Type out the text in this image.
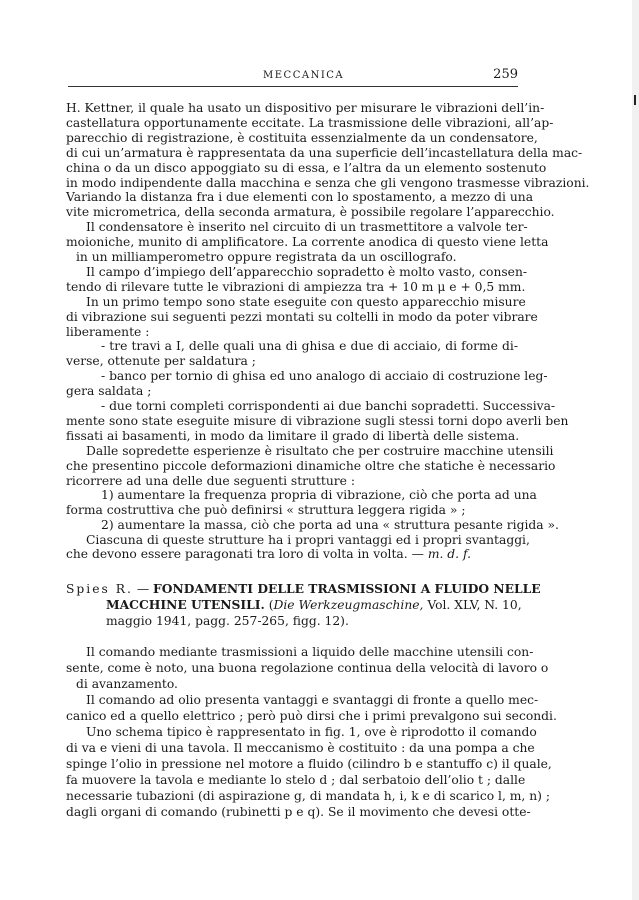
MECCANICA	259
H. Kettner, il quale ha usato un dispositivo per misurare le vibrazioni dell’in-
castellatura opportunamente eccitate. La trasmissione delle vibrazioni, all’ap-
parecchio di registrazione, è costituita essenzialmente da un condensatore,
di cui un’armatura è rappresentata da una superficie dell’incastellatura della mac-
china o da un disco appoggiato su di essa, e l’altra da un elemento sostenuto
in modo indipendente dalla macchina e senza che gli vengono trasmesse vibrazioni.
Variando la distanza fra i due elementi con lo spostamento, a mezzo di una
vite micrometrica, della seconda armatura, è possibile regolare l’apparecchio.
Il condensatore è inserito nel circuito di un trasmettitore a valvole ter-
moioniche, munito di amplificatore. La corrente anodica di questo viene letta
in un milliamperometro oppure registrata da un oscillografo.
Il campo d’impiego dell’apparecchio sopradetto è molto vasto, consen-
tendo di rilevare tutte le vibrazioni di ampiezza tra + 10 m μ e + 0,5 mm.
In un primo tempo sono state eseguite con questo apparecchio misure
di vibrazione sui seguenti pezzi montati su coltelli in modo da poter vibrare
liberamente :
- tre travi a I, delle quali una di ghisa e due di acciaio, di forme di-
verse, ottenute per saldatura ;
- banco per tornio di ghisa ed uno analogo di acciaio di costruzione leg-
gera saldata ;
- due torni completi corrispondenti ai due banchi sopradetti. Successiva-
mente sono state eseguite misure di vibrazione sugli stessi torni dopo averli ben
fissati ai basamenti, in modo da limitare il grado di libertà delle sistema.
Dalle sopredette esperienze è risultato che per costruire macchine utensili
che presentino piccole deformazioni dinamiche oltre che statiche è necessario
ricorrere ad una delle due seguenti strutture :
1) aumentare la frequenza propria di vibrazione, ciò che porta ad una
forma costruttiva che può definirsi « struttura leggera rigida » ;
2) aumentare la massa, ciò che porta ad una « struttura pesante rigida ».
Ciascuna di queste strutture ha i propri vantaggi ed i propri svantaggi,
che devono essere paragonati tra loro di volta in volta. — m. d. f.
Spies R. — FONDAMENTI DELLE TRASMISSIONI A FLUIDO NELLE
MACCHINE UTENSILI. (Die Werkzeugmaschine, Vol. XLV, N. 10,
maggio 1941, pagg. 257-265, figg. 12).
Il comando mediante trasmissioni a liquido delle macchine utensili con-
sente, come è noto, una buona regolazione continua della velocità di lavoro o
di avanzamento.
Il comando ad olio presenta vantaggi e svantaggi di fronte a quello mec-
canico ed a quello elettrico ; però può dirsi che i primi prevalgono sui secondi.
Uno schema tipico è rappresentato in fig. 1, ove è riprodotto il comando
di va e vieni di una tavola. Il meccanismo è costituito : da una pompa a che
spinge l’olio in pressione nel motore a fluido (cilindro b e stantuffo c) il quale,
fa muovere la tavola e mediante lo stelo d ; dal serbatoio dell’olio t ; dalle
necessarie tubazioni (di aspirazione g, di mandata h, i, k e di scarico l, m, n) ;
dagli organi di comando (rubinetti p e q). Se il movimento che devesi otte-
